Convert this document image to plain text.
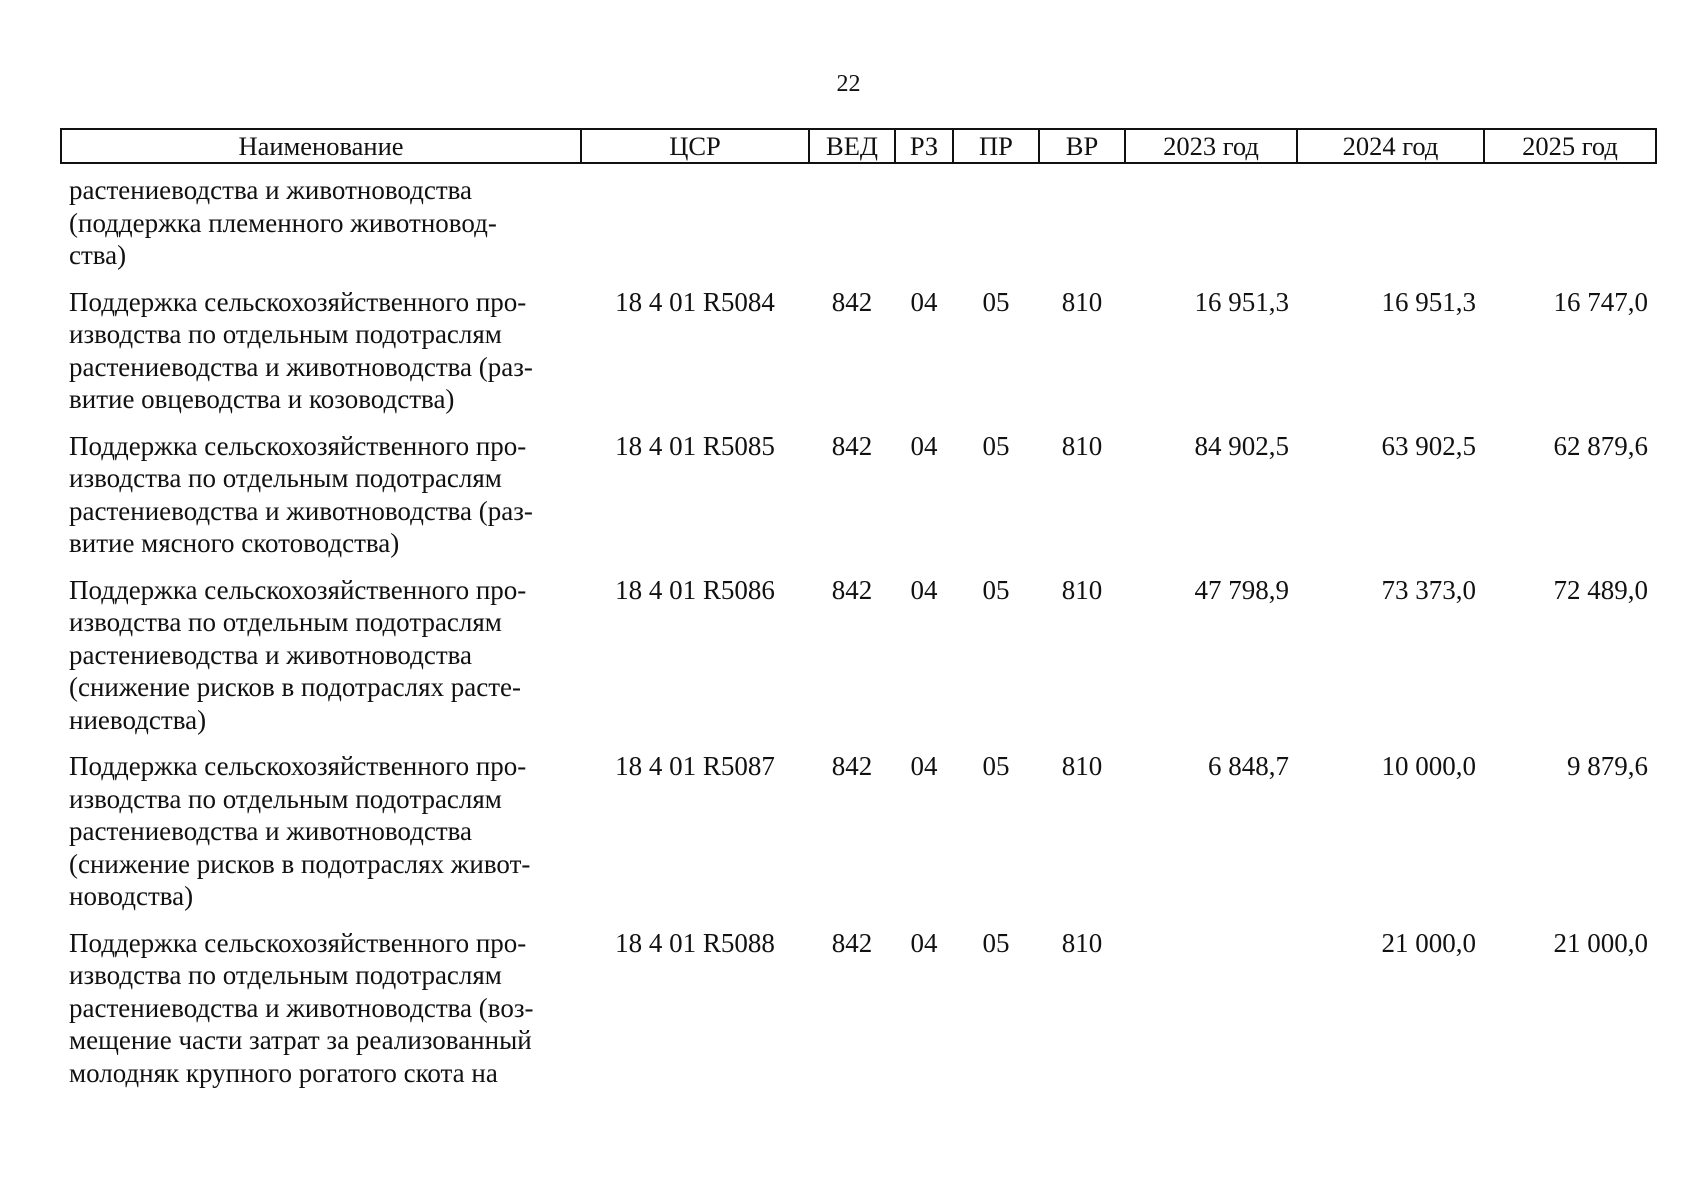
22
Наименование	ЦСР	ВЕД	РЗ	ПР	ВР	2023 год	2024 год	2025 год

растениеводства и животноводства
(поддержка племенного животновод-
ства)								

Поддержка сельскохозяйственного про-
изводства по отдельным подотраслям
растениеводства и животноводства (раз-
витие овцеводства и козоводства)	18 4 01 R5084	842	04	05	810	16 951,3	16 951,3	16 747,0

Поддержка сельскохозяйственного про-
изводства по отдельным подотраслям
растениеводства и животноводства (раз-
витие мясного скотоводства)	18 4 01 R5085	842	04	05	810	84 902,5	63 902,5	62 879,6

Поддержка сельскохозяйственного про-
изводства по отдельным подотраслям
растениеводства и животноводства
(снижение рисков в подотраслях расте-
ниеводства)	18 4 01 R5086	842	04	05	810	47 798,9	73 373,0	72 489,0

Поддержка сельскохозяйственного про-
изводства по отдельным подотраслям
растениеводства и животноводства
(снижение рисков в подотраслях живот-
новодства)	18 4 01 R5087	842	04	05	810	6 848,7	10 000,0	9 879,6

Поддержка сельскохозяйственного про-
изводства по отдельным подотраслям
растениеводства и животноводства (воз-
мещение части затрат за реализованный
молодняк крупного рогатого скота на	18 4 01 R5088	842	04	05	810		21 000,0	21 000,0
